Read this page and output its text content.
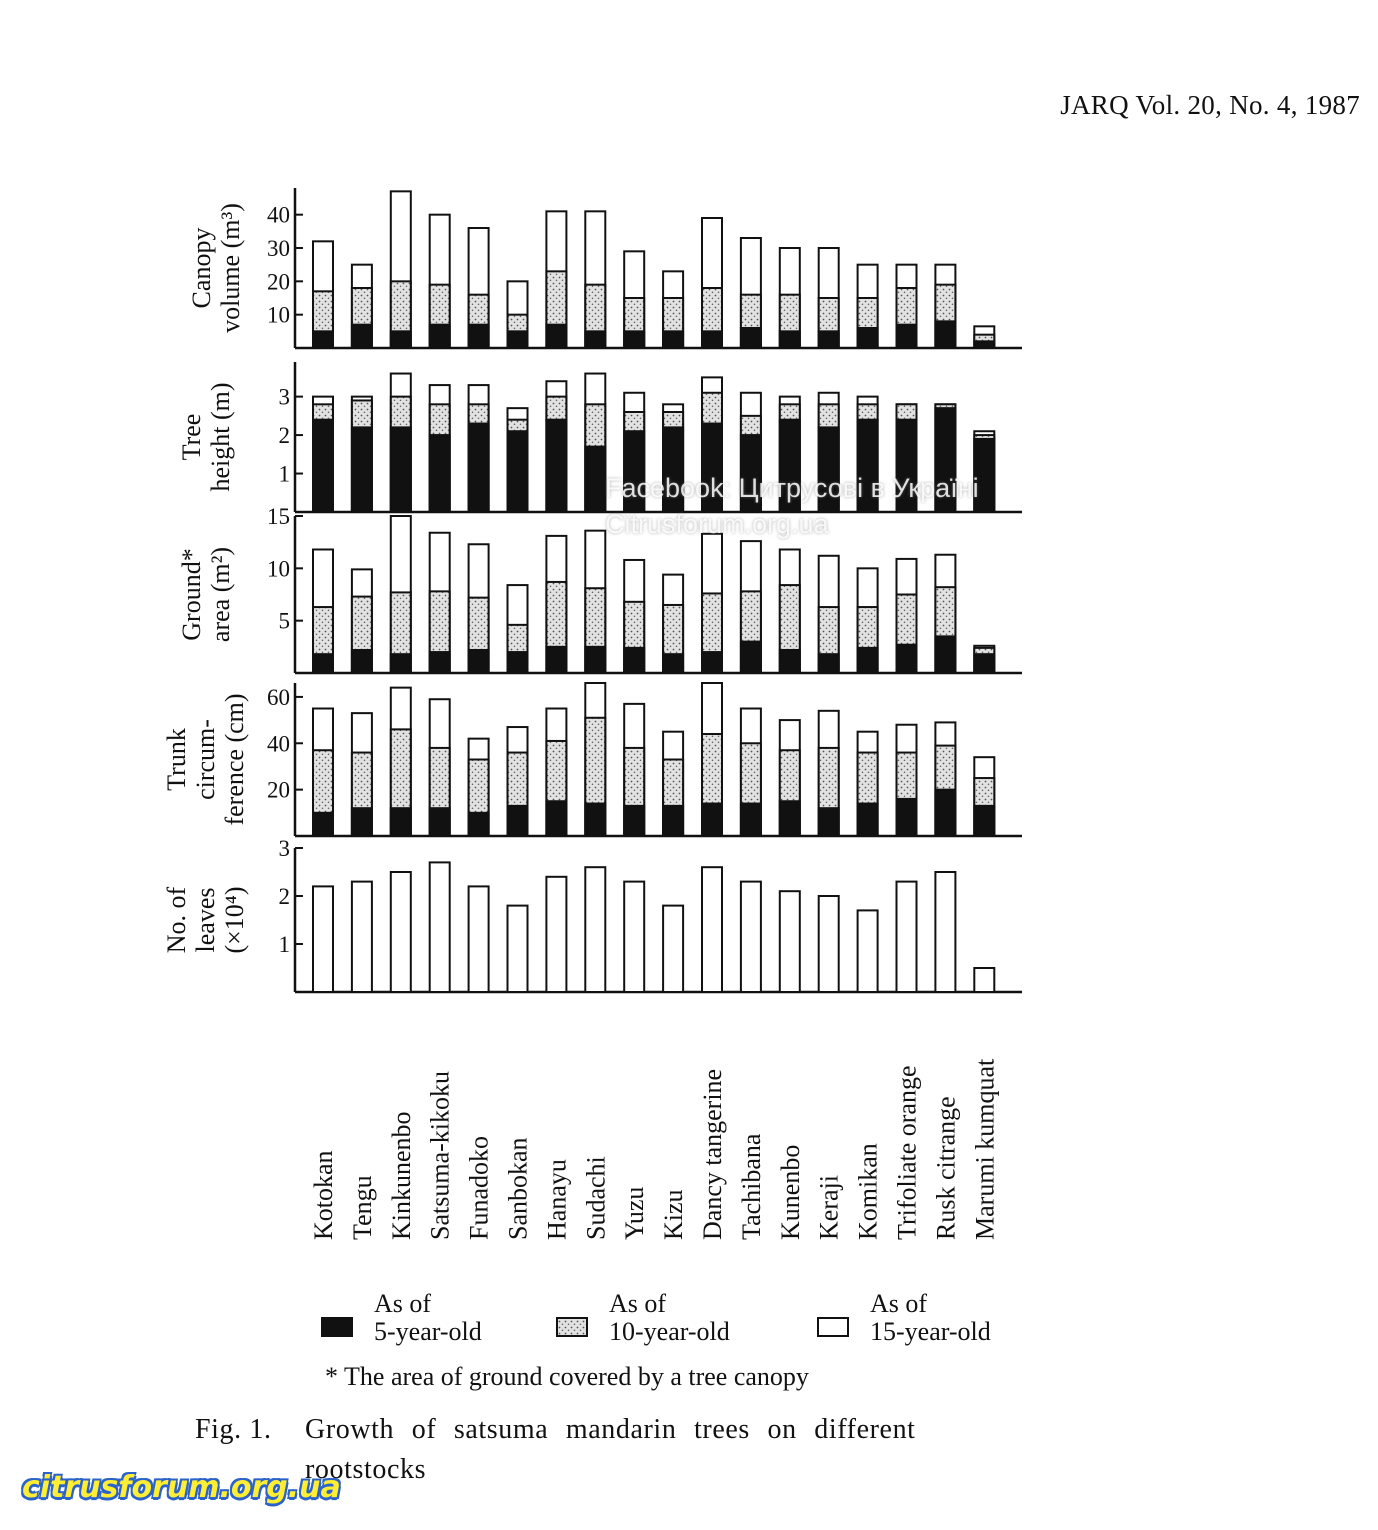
JARQ Vol. 20, No. 4, 1987
10
20
30
40
Canopyvolume (m³)
1
2
3
Treeheight (m)
5
10
15
Ground*area (m²)
20
40
60
Trunkcircum-ference (cm)
1
2
3
No. ofleaves(×10⁴)
Kotokan Tengu Kinkunenbo Satsuma-kikoku Funadoko Sanbokan Hanayu Sudachi Yuzu Kizu Dancy tangerine Tachibana Kunenbo Keraji Komikan Trifoliate orange Rusk citrange Marumi kumquat
As of
5-year-old
As of
10-year-old
As of
15-year-old
* The area of ground covered by a tree canopy
Fig. 1. Growth of satsuma mandarin trees on different rootstocks
Facebook: Цитрусові в Україні
Citrusforum.org.ua
citrusforum.org.ua
